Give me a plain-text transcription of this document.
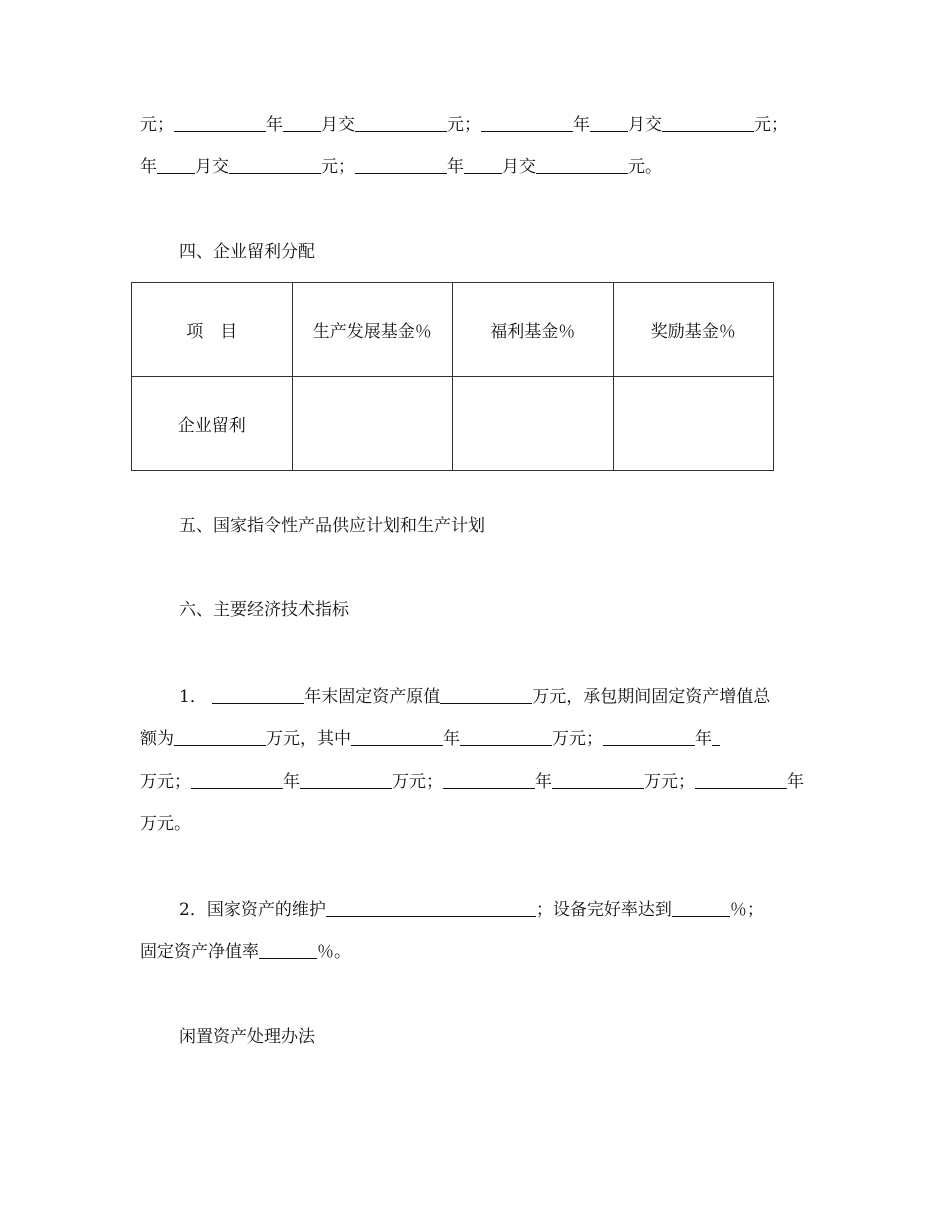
元；	年 月交	元；	年 月交	元；
年 月交	元；	年 月交	元。
四、企业留利分配
项　目	生产发展基金％	福利基金％	奖励基金％
企业留利			
五、国家指令性产品供应计划和生产计划
六、主要经济技术指标
1．	年末固定资产原值	万元，承包期间固定资产增值总
额为	万元，其中	年	万元；	年
万元；	年	万元；	年	万元；	年
万元。
2．国家资产的维护	；设备完好率达到	％；
固定资产净值率	％。
闲置资产处理办法
